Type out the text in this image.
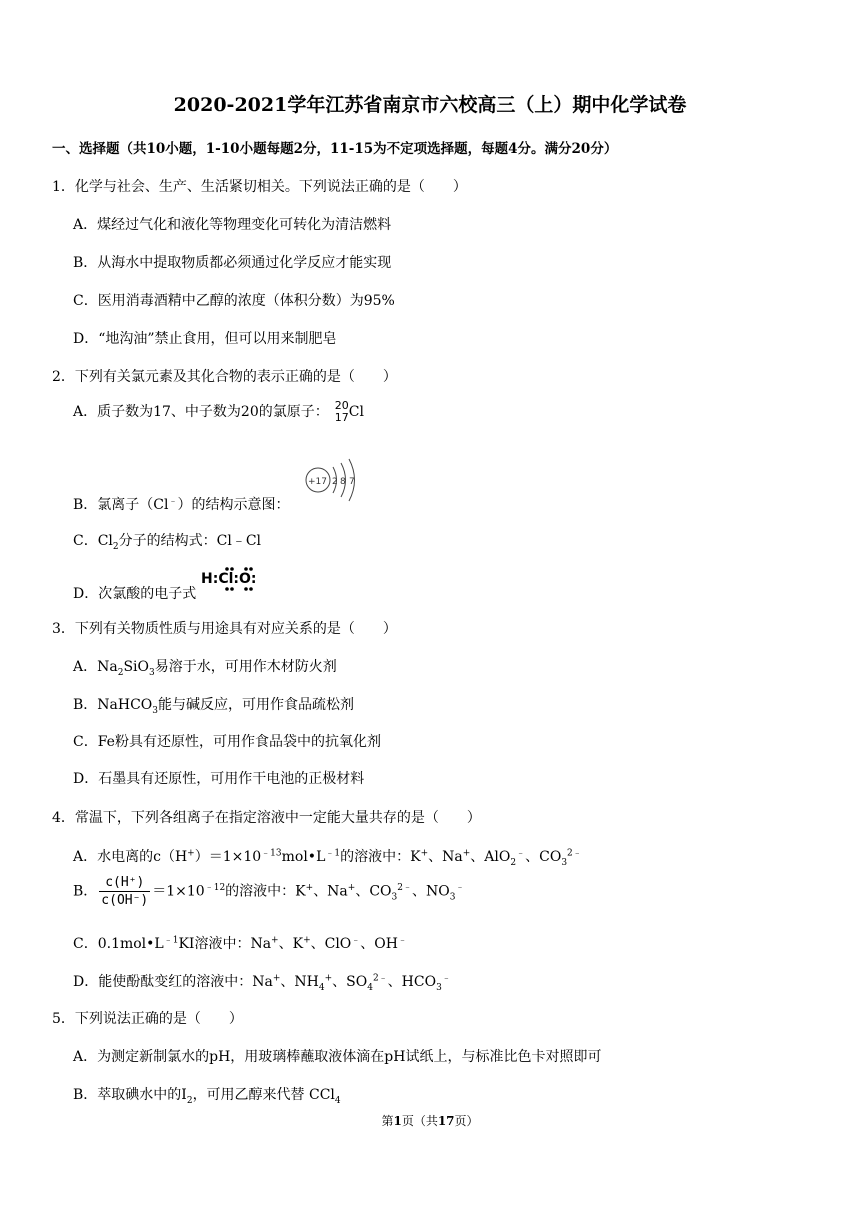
2020-2021学年江苏省南京市六校高三（上）期中化学试卷
一、选择题（共10小题，1-10小题每题2分，11-15为不定项选择题，每题4分。满分20分）
1．化学与社会、生产、生活紧切相关。下列说法正确的是（　　）
A．煤经过气化和液化等物理变化可转化为清洁燃料
B．从海水中提取物质都必须通过化学反应才能实现
C．医用消毒酒精中乙醇的浓度（体积分数）为95%
D．“地沟油”禁止食用，但可以用来制肥皂
2．下列有关氯元素及其化合物的表示正确的是（　　）
A．质子数为17、中子数为20的氯原子： 20
17Cl
+17 2 8 7
B．氯离子（Cl﹣）的结构示意图：
C．$Cl_2$分子的结构式：Cl﹣Cl
D．次氯酸的电子式
H:Cl:O:
3．下列有关物质性质与用途具有对应关系的是（　　）
A．$Na_2SiO_3$易溶于水，可用作木材防火剂
B．NaHCO$_3$能与碱反应，可用作食品疏松剂
C．Fe粉具有还原性，可用作食品袋中的抗氧化剂
D．石墨具有还原性，可用作干电池的正极材料
4．常温下，下列各组离子在指定溶液中一定能大量共存的是（　　）
A．水电离的$c(H^+)=1\times 10^{﹣13}mol•L^{﹣1}$的溶液中：K+、Na+、AlO$_2$﹣、$CO_3^{2﹣}$
B． $\frac{c(H^+)}{c(OH^-)} =1\times 10^{﹣12}$的溶液中：K+、Na+、$CO_3^{2﹣}$、$NO_3^﹣$
C．$0.1mol•L^{﹣1}KI$溶液中：Na+、K+、ClO﹣、OH﹣
D．能使酚酞变红的溶液中：Na+、$NH_4^+$、$SO_4^{2﹣}$、$HCO_3^﹣$
5．下列说法正确的是（　　）
A．为测定新制氯水的pH，用玻璃棒蘸取液体滴在pH试纸上，与标准比色卡对照即可
B．萃取碘水中的$I_2$，可用乙醇来代替 CCl$_4$
第1页（共17页）
